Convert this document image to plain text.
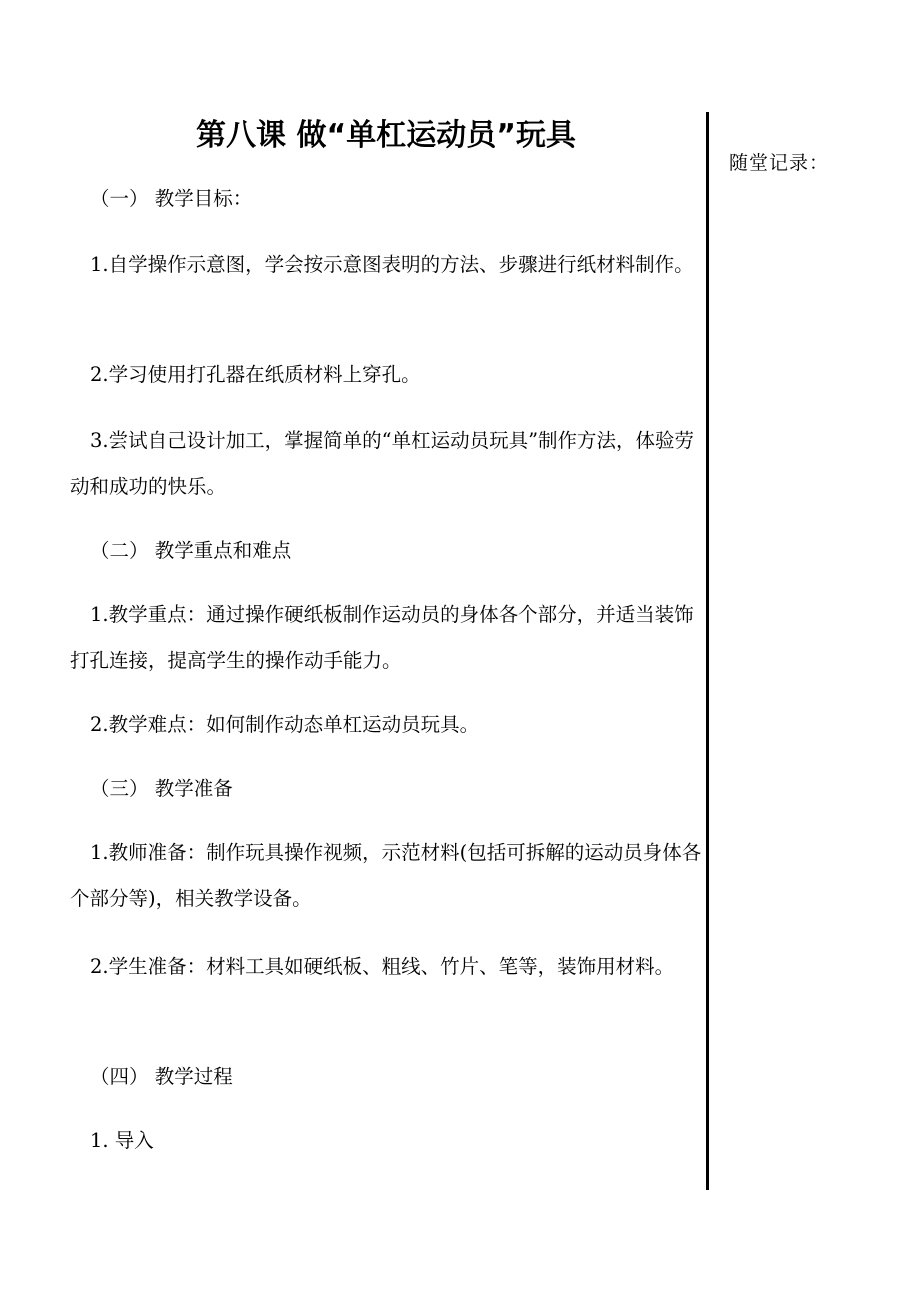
第八课 做“单杠运动员”玩具
（一） 教学目标：

1.自学操作示意图，学会按示意图表明的方法、步骤进行纸材料制作。

2.学习使用打孔器在纸质材料上穿孔。

3.尝试自己设计加工，掌握简单的“单杠运动员玩具”制作方法，体验劳动和成功的快乐。

（二） 教学重点和难点

1.教学重点：通过操作硬纸板制作运动员的身体各个部分，并适当装饰打孔连接，提高学生的操作动手能力。

2.教学难点：如何制作动态单杠运动员玩具。

（三） 教学准备

1.教师准备：制作玩具操作视频，示范材料(包括可拆解的运动员身体各个部分等)，相关教学设备。

2.学生准备：材料工具如硬纸板、粗线、竹片、笔等，装饰用材料。

（四） 教学过程
1. 导入
随堂记录：
